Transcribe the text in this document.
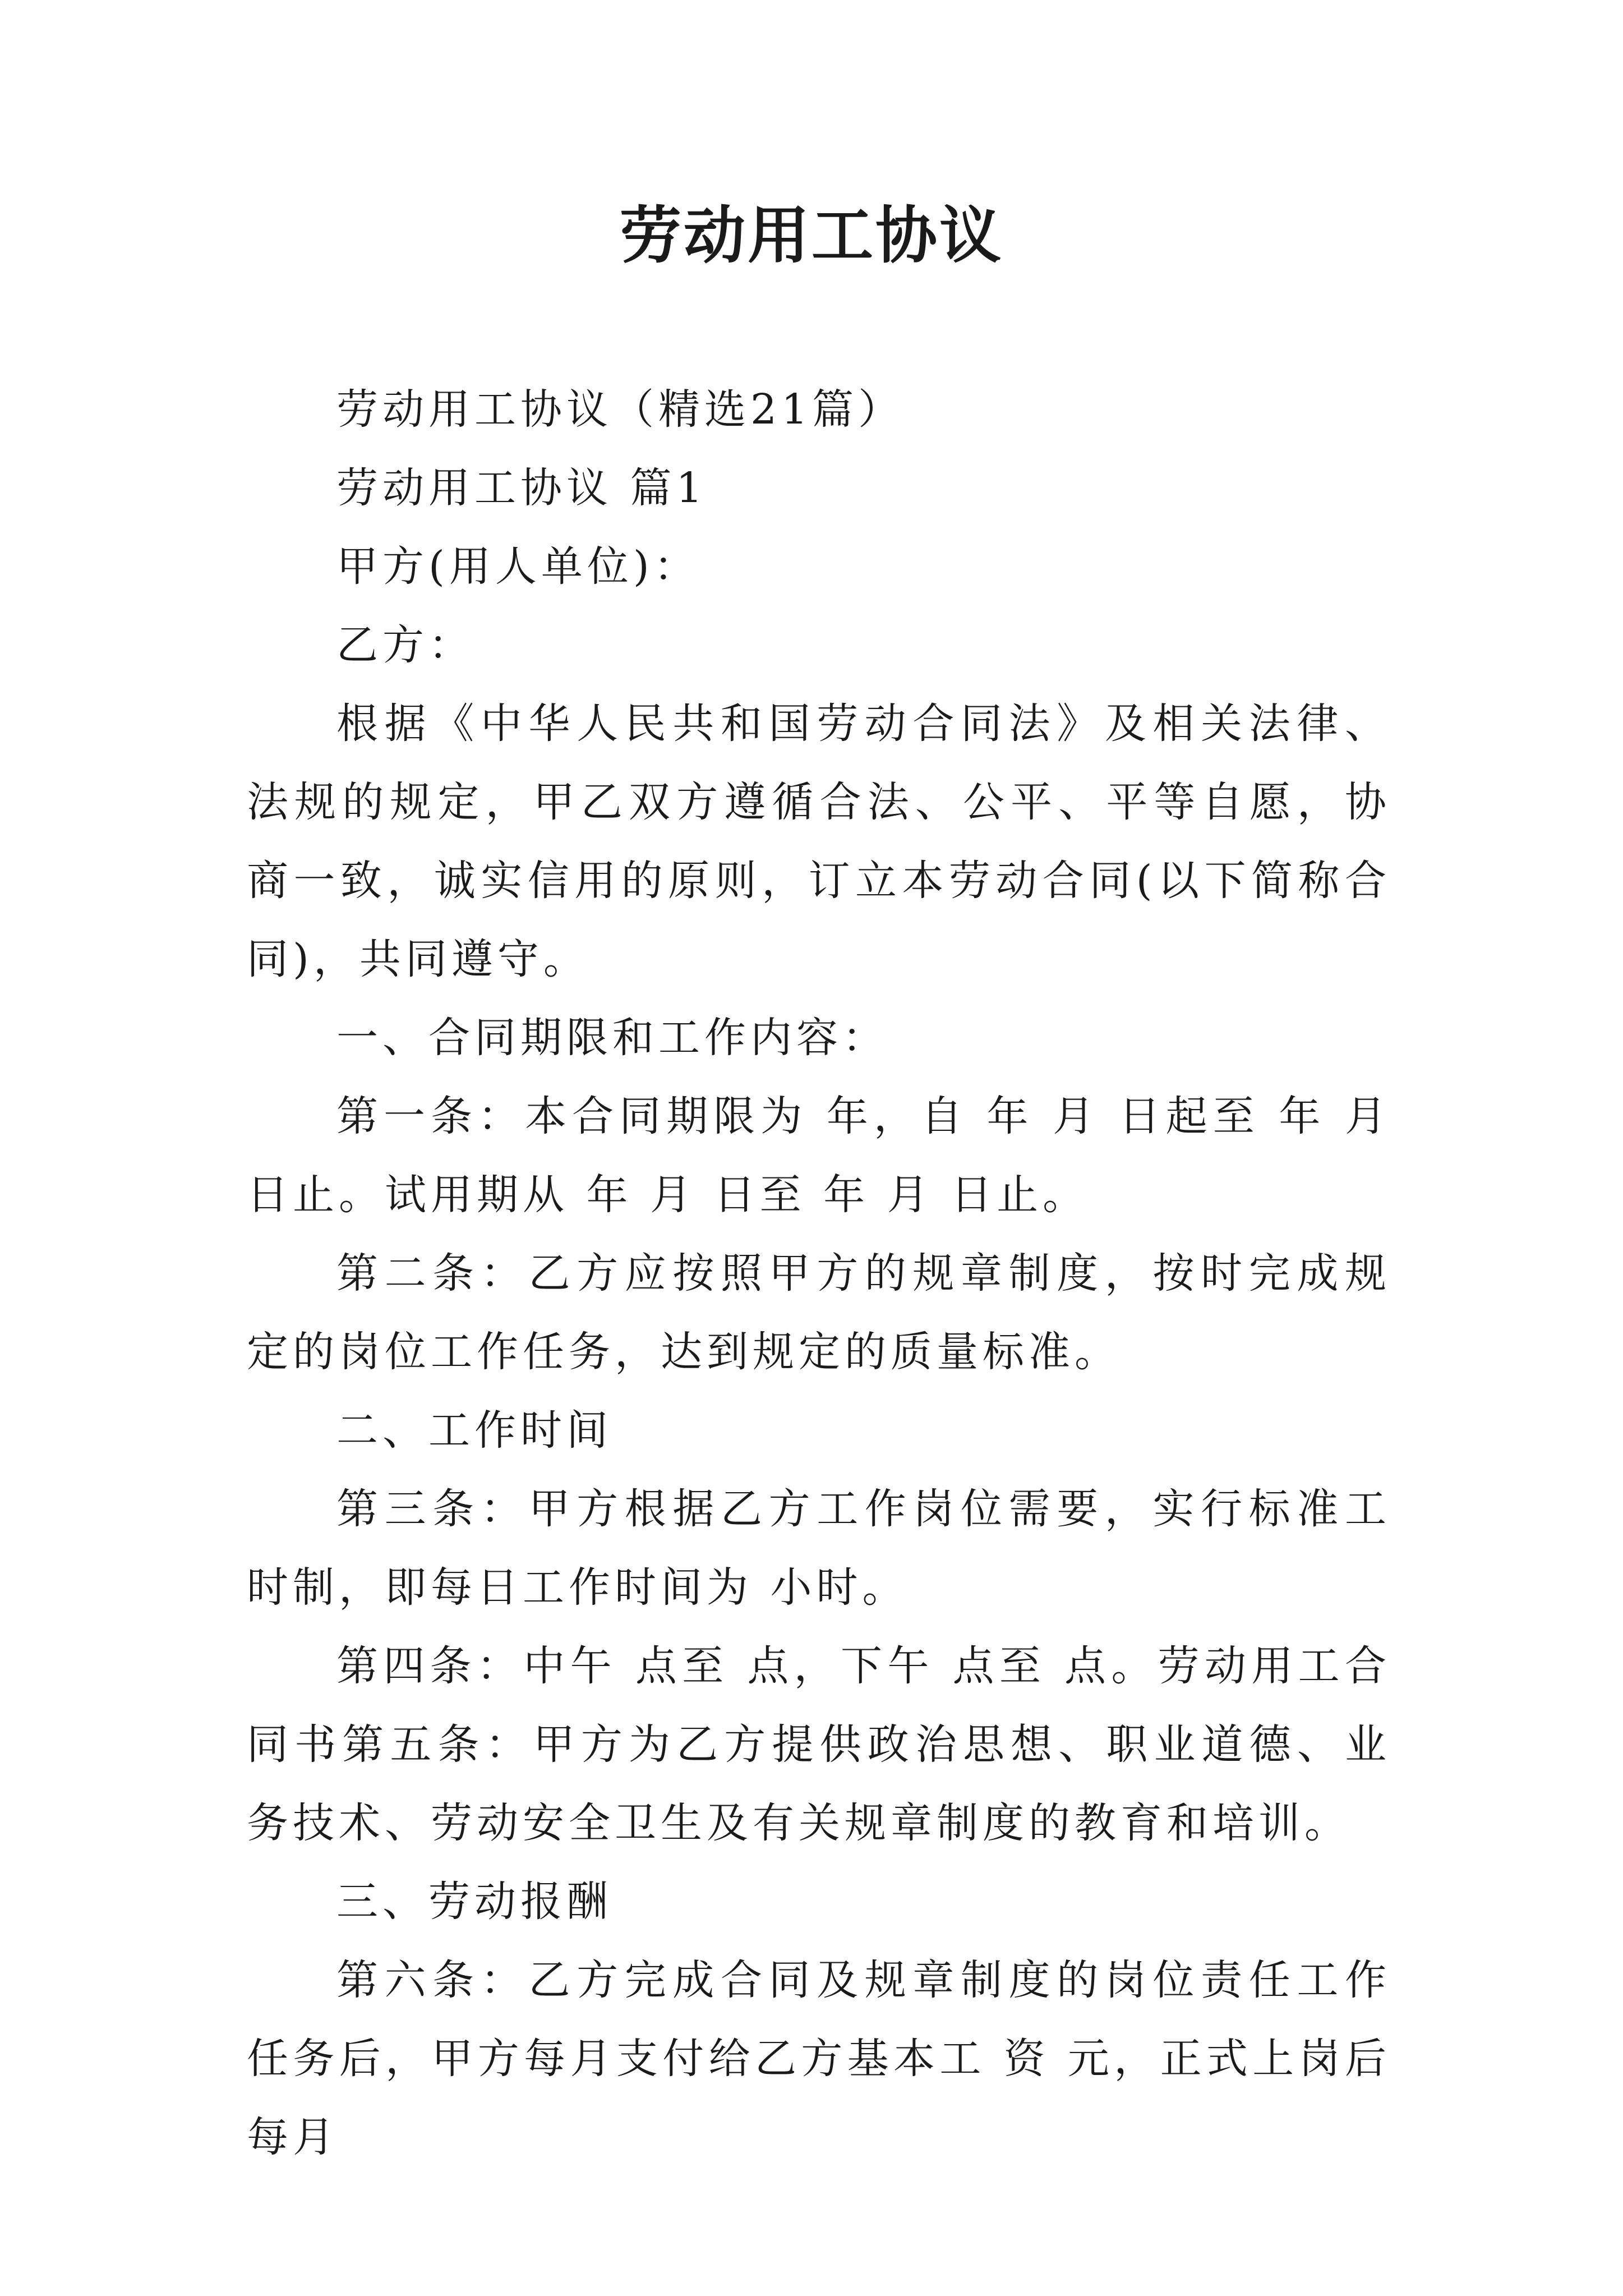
劳动用工协议

劳动用工协议（精选21篇）

劳动用工协议 篇1

甲方(用人单位)：

乙方：

根据《中华人民共和国劳动合同法》及相关法律、法规的规定，甲乙双方遵循合法、公平、平等自愿，协商一致，诚实信用的原则，订立本劳动合同(以下简称合同)，共同遵守。

一、合同期限和工作内容：

第一条：本合同期限为 年，自 年 月 日起至 年 月日止。试用期从 年 月 日至 年 月 日止。

第二条：乙方应按照甲方的规章制度，按时完成规定的岗位工作任务，达到规定的质量标准。

二、工作时间

第三条：甲方根据乙方工作岗位需要，实行标准工时制，即每日工作时间为 小时。

第四条：中午 点至 点，下午 点至 点。劳动用工合同书第五条：甲方为乙方提供政治思想、职业道德、业务技术、劳动安全卫生及有关规章制度的教育和培训。

三、劳动报酬

第六条：乙方完成合同及规章制度的岗位责任工作任务后，甲方每月支付给乙方基本工 资 元，正式上岗后每月
